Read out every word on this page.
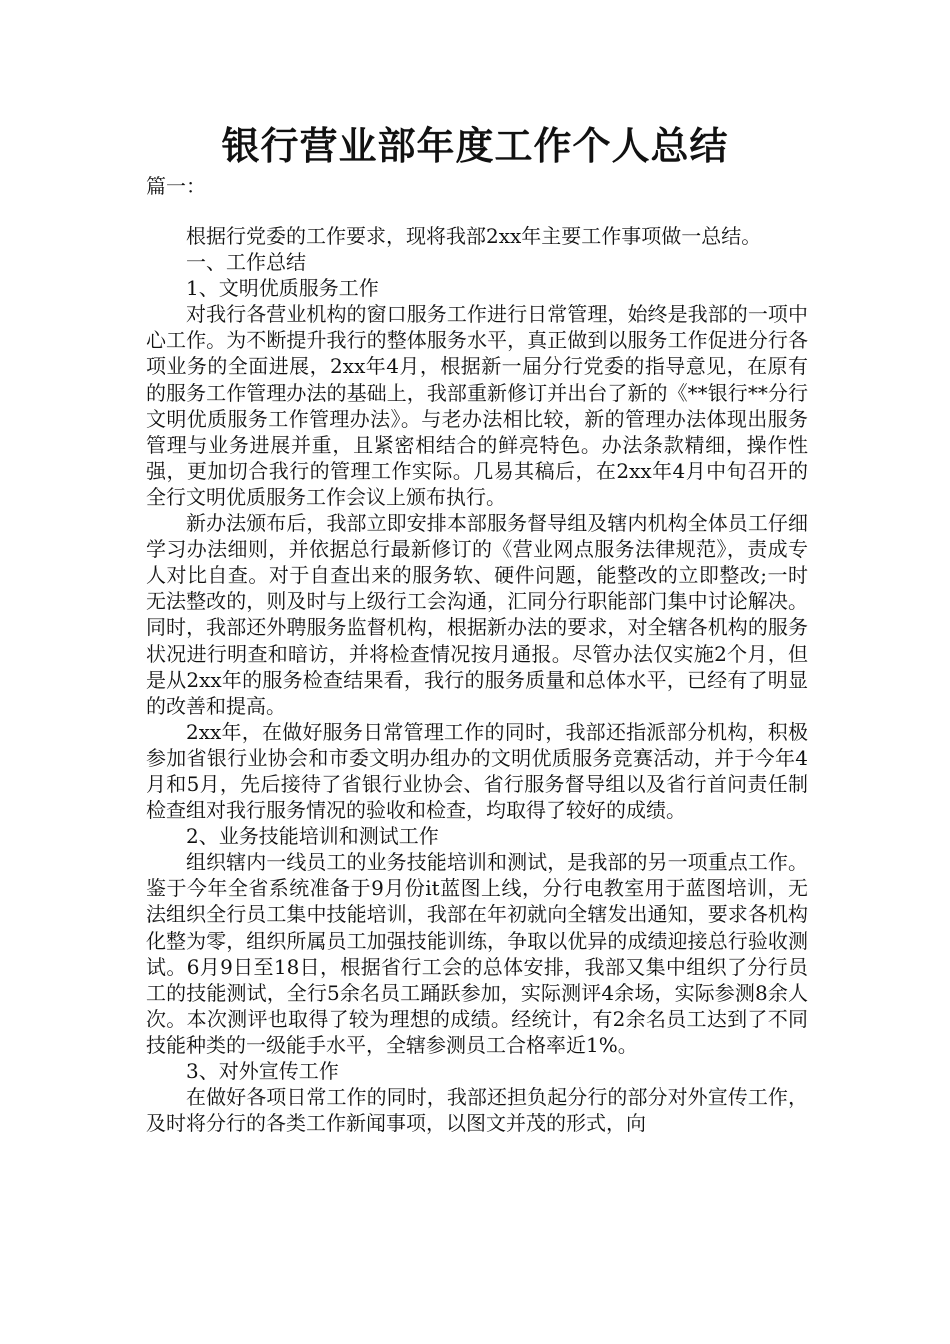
银行营业部年度工作个人总结
篇一：

根据行党委的工作要求，现将我部2xx年主要工作事项做一总结。

一、工作总结

1、文明优质服务工作

对我行各营业机构的窗口服务工作进行日常管理，始终是我部的一项中心工作。为不断提升我行的整体服务水平，真正做到以服务工作促进分行各项业务的全面进展，2xx年4月，根据新一届分行党委的指导意见，在原有的服务工作管理办法的基础上，我部重新修订并出台了新的《**银行**分行文明优质服务工作管理办法》。与老办法相比较，新的管理办法体现出服务管理与业务进展并重，且紧密相结合的鲜亮特色。办法条款精细，操作性强，更加切合我行的管理工作实际。几易其稿后，在2xx年4月中旬召开的全行文明优质服务工作会议上颁布执行。

新办法颁布后，我部立即安排本部服务督导组及辖内机构全体员工仔细学习办法细则，并依据总行最新修订的《营业网点服务法律规范》，责成专人对比自查。对于自查出来的服务软、硬件问题，能整改的立即整改;一时无法整改的，则及时与上级行工会沟通，汇同分行职能部门集中讨论解决。同时，我部还外聘服务监督机构，根据新办法的要求，对全辖各机构的服务状况进行明查和暗访，并将检查情况按月通报。尽管办法仅实施2个月，但是从2xx年的服务检查结果看，我行的服务质量和总体水平，已经有了明显的改善和提高。

2xx年，在做好服务日常管理工作的同时，我部还指派部分机构，积极参加省银行业协会和市委文明办组办的文明优质服务竞赛活动，并于今年4月和5月，先后接待了省银行业协会、省行服务督导组以及省行首问责任制检查组对我行服务情况的验收和检查，均取得了较好的成绩。

2、业务技能培训和测试工作

组织辖内一线员工的业务技能培训和测试，是我部的另一项重点工作。鉴于今年全省系统准备于9月份it蓝图上线，分行电教室用于蓝图培训，无法组织全行员工集中技能培训，我部在年初就向全辖发出通知，要求各机构化整为零，组织所属员工加强技能训练，争取以优异的成绩迎接总行验收测试。6月9日至18日，根据省行工会的总体安排，我部又集中组织了分行员工的技能测试，全行5余名员工踊跃参加，实际测评4余场，实际参测8余人次。本次测评也取得了较为理想的成绩。经统计，有2余名员工达到了不同技能种类的一级能手水平，全辖参测员工合格率近1%。

3、对外宣传工作

在做好各项日常工作的同时，我部还担负起分行的部分对外宣传工作，及时将分行的各类工作新闻事项，以图文并茂的形式，向
